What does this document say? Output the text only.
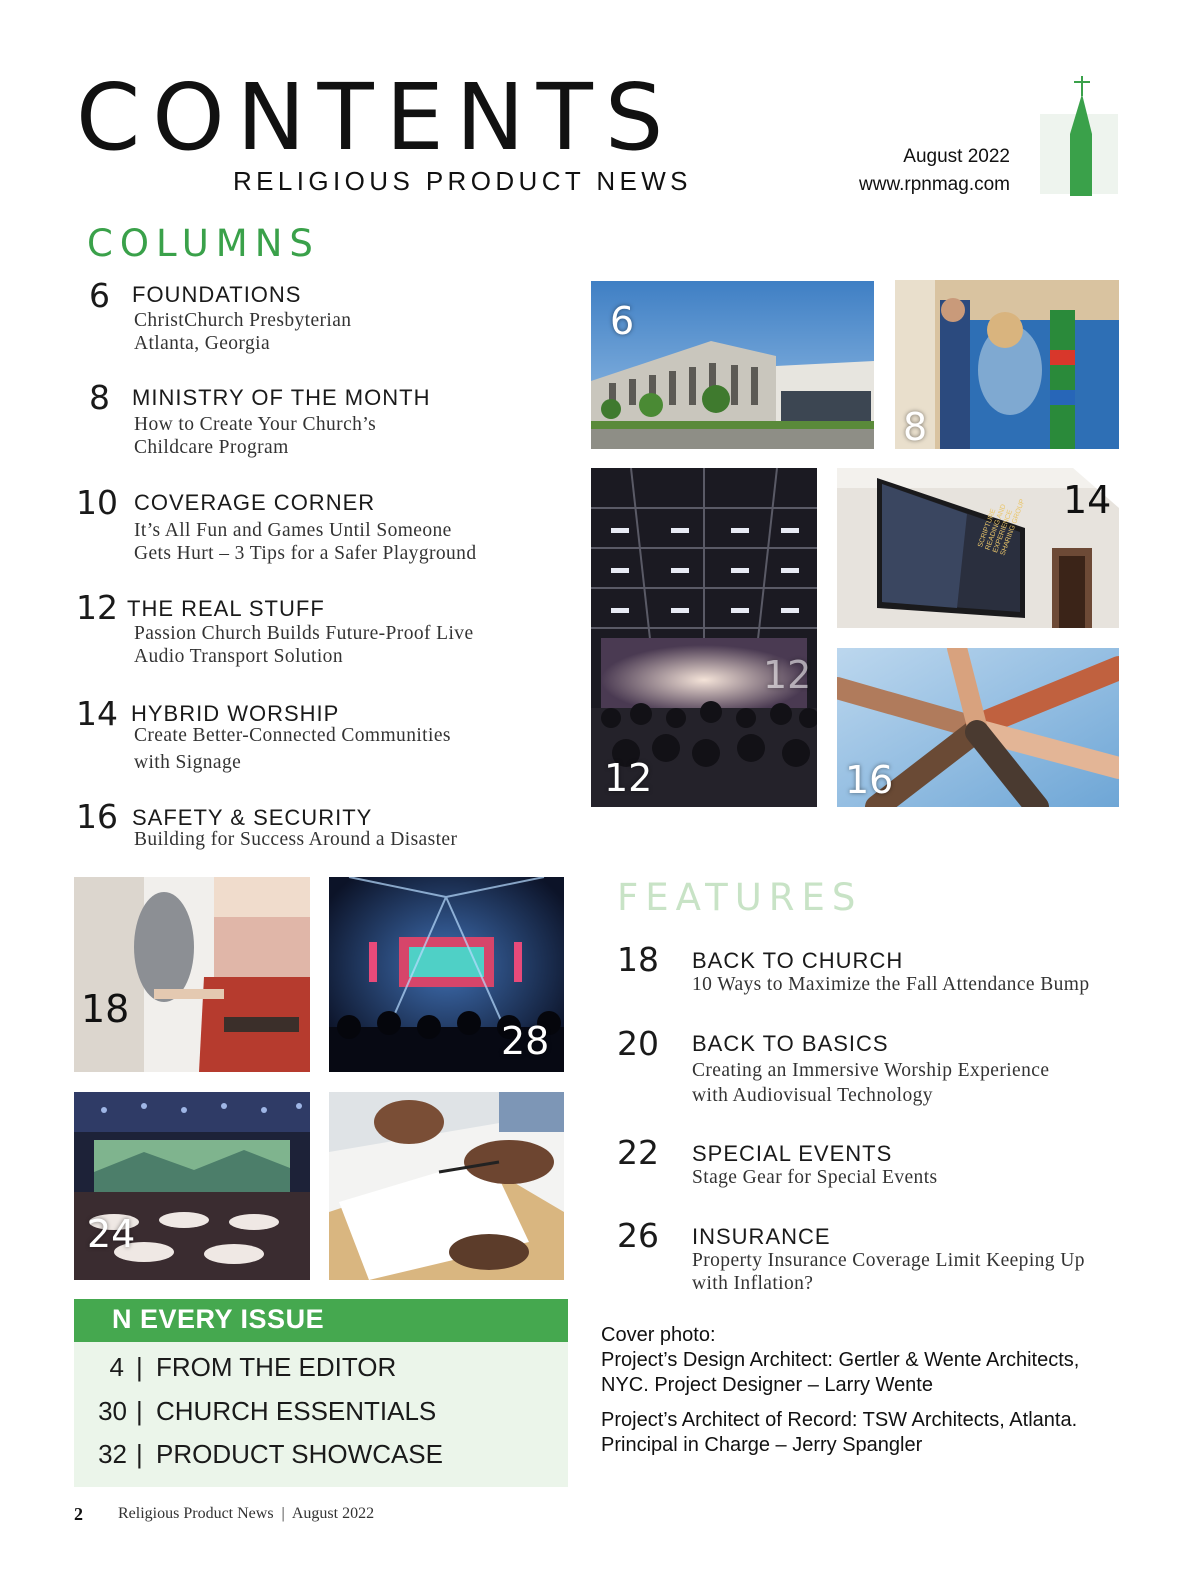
CONTENTS
RELIGIOUS PRODUCT NEWS
August 2022
www.rpnmag.com
COLUMNS
6 FOUNDATIONS
ChristChurch Presbyterian
Atlanta, Georgia
8 MINISTRY OF THE MONTH
How to Create Your Church’s
Childcare Program
10 COVERAGE CORNER
It’s All Fun and Games Until Someone
Gets Hurt – 3 Tips for a Safer Playground
12 THE REAL STUFF
Passion Church Builds Future-Proof Live
Audio Transport Solution
14 HYBRID WORSHIP
Create Better-Connected Communities
with Signage
16 SAFETY & SECURITY
Building for Success Around a Disaster
6
8
12
12
SCRIPTURE READING AND EXPERIENCE SHARING GROUP 14
16
18
28
24
FEATURES
18 BACK TO CHURCH
10 Ways to Maximize the Fall Attendance Bump
20 BACK TO BASICS
Creating an Immersive Worship Experience
with Audiovisual Technology
22 SPECIAL EVENTS
Stage Gear for Special Events
26 INSURANCE
Property Insurance Coverage Limit Keeping Up
with Inflation?
N EVERY ISSUE
4 | FROM THE EDITOR
30 | CHURCH ESSENTIALS
32 | PRODUCT SHOWCASE

Cover photo:

Project’s Design Architect: Gertler & Wente Architects,
NYC. Project Designer – Larry Wente

Project’s Architect of Record: TSW Architects, Atlanta.
Principal in Charge – Jerry Spangler

2 Religious Product News  |  August 2022
